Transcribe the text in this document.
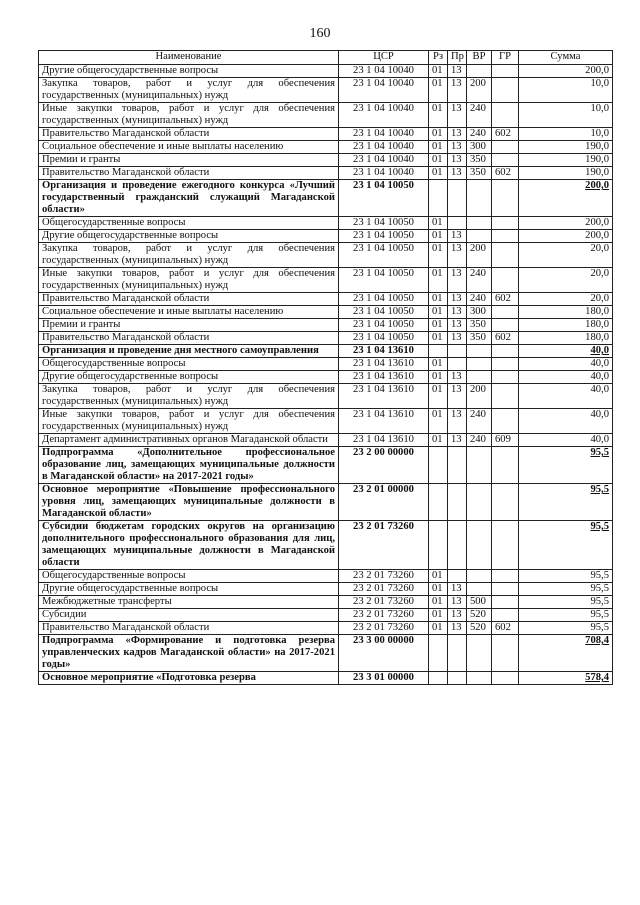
160
Наименование	ЦСР	Рз	Пр	ВР	ГР	Сумма
Другие общегосударственные вопросы	23 1 04 10040	01	13			200,0
Закупка товаров, работ и услуг для обеспечения государственных (муниципальных) нужд	23 1 04 10040	01	13	200		10,0
Иные закупки товаров, работ и услуг для обеспечения государственных (муниципальных) нужд	23 1 04 10040	01	13	240		10,0
Правительство Магаданской области	23 1 04 10040	01	13	240	602	10,0
Социальное обеспечение и иные выплаты населению	23 1 04 10040	01	13	300		190,0
Премии и гранты	23 1 04 10040	01	13	350		190,0
Правительство Магаданской области	23 1 04 10040	01	13	350	602	190,0
Организация и проведение ежегодного конкурса «Лучший государственный гражданский служащий Магаданской области»	23 1 04 10050					200,0
Общегосударственные вопросы	23 1 04 10050	01				200,0
Другие общегосударственные вопросы	23 1 04 10050	01	13			200,0
Закупка товаров, работ и услуг для обеспечения государственных (муниципальных) нужд	23 1 04 10050	01	13	200		20,0
Иные закупки товаров, работ и услуг для обеспечения государственных (муниципальных) нужд	23 1 04 10050	01	13	240		20,0
Правительство Магаданской области	23 1 04 10050	01	13	240	602	20,0
Социальное обеспечение и иные выплаты населению	23 1 04 10050	01	13	300		180,0
Премии и гранты	23 1 04 10050	01	13	350		180,0
Правительство Магаданской области	23 1 04 10050	01	13	350	602	180,0
Организация и проведение дня местного самоуправления	23 1 04 13610					40,0
Общегосударственные вопросы	23 1 04 13610	01				40,0
Другие общегосударственные вопросы	23 1 04 13610	01	13			40,0
Закупка товаров, работ и услуг для обеспечения государственных (муниципальных) нужд	23 1 04 13610	01	13	200		40,0
Иные закупки товаров, работ и услуг для обеспечения государственных (муниципальных) нужд	23 1 04 13610	01	13	240		40,0
Департамент административных органов Магаданской области	23 1 04 13610	01	13	240	609	40,0
Подпрограмма «Дополнительное профессиональное образование лиц, замещающих муниципальные должности в Магаданской области» на 2017-2021 годы»	23 2 00 00000					95,5
Основное мероприятие «Повышение профессионального уровня лиц, замещающих муниципальные должности в Магаданской области»	23 2 01 00000					95,5
Субсидии бюджетам городских округов на организацию дополнительного профессионального образования для лиц, замещающих муниципальные должности в Магаданской области	23 2 01 73260					95,5
Общегосударственные вопросы	23 2 01 73260	01				95,5
Другие общегосударственные вопросы	23 2 01 73260	01	13			95,5
Межбюджетные трансферты	23 2 01 73260	01	13	500		95,5
Субсидии	23 2 01 73260	01	13	520		95,5
Правительство Магаданской области	23 2 01 73260	01	13	520	602	95,5
Подпрограмма «Формирование и подготовка резерва управленческих кадров Магаданской области» на 2017-2021 годы»	23 3 00 00000					708,4
Основное мероприятие «Подготовка резерва	23 3 01 00000					578,4
